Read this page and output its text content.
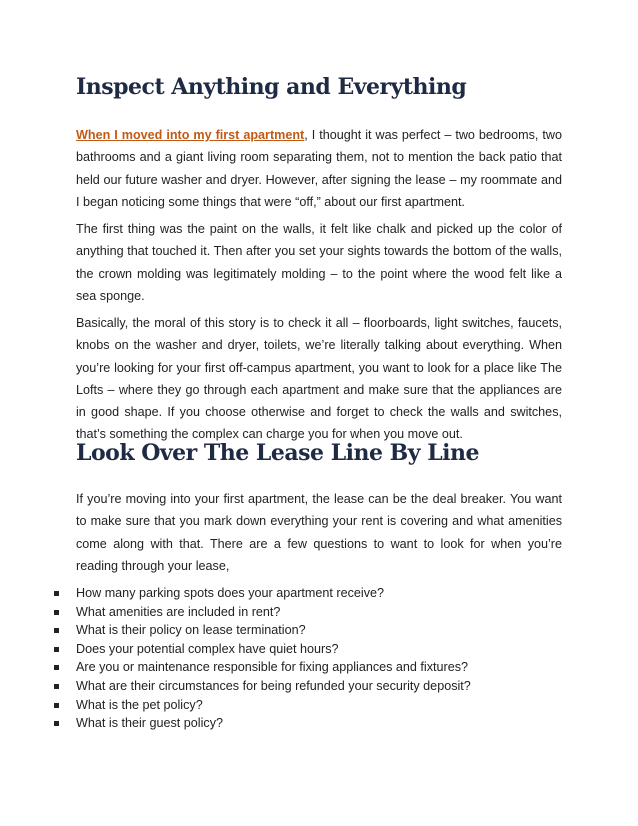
Inspect Anything and Everything

When I moved into my first apartment, I thought it was perfect – two bedrooms, two bathrooms and a giant living room separating them, not to mention the back patio that held our future washer and dryer. However, after signing the lease – my roommate and I began noticing some things that were “off,” about our first apartment.

The first thing was the paint on the walls, it felt like chalk and picked up the color of anything that touched it. Then after you set your sights towards the bottom of the walls, the crown molding was legitimately molding – to the point where the wood felt like a sea sponge.

Basically, the moral of this story is to check it all – floorboards, light switches, faucets, knobs on the washer and dryer, toilets, we’re literally talking about everything. When you’re looking for your first off-campus apartment, you want to look for a place like The Lofts – where they go through each apartment and make sure that the appliances are in good shape. If you choose otherwise and forget to check the walls and switches, that’s something the complex can charge you for when you move out.

Look Over The Lease Line By Line

If you’re moving into your first apartment, the lease can be the deal breaker. You want to make sure that you mark down everything your rent is covering and what amenities come along with that. There are a few questions to want to look for when you’re reading through your lease,

How many parking spots does your apartment receive?
What amenities are included in rent?
What is their policy on lease termination?
Does your potential complex have quiet hours?
Are you or maintenance responsible for fixing appliances and fixtures?
What are their circumstances for being refunded your security deposit?
What is the pet policy?
What is their guest policy?
